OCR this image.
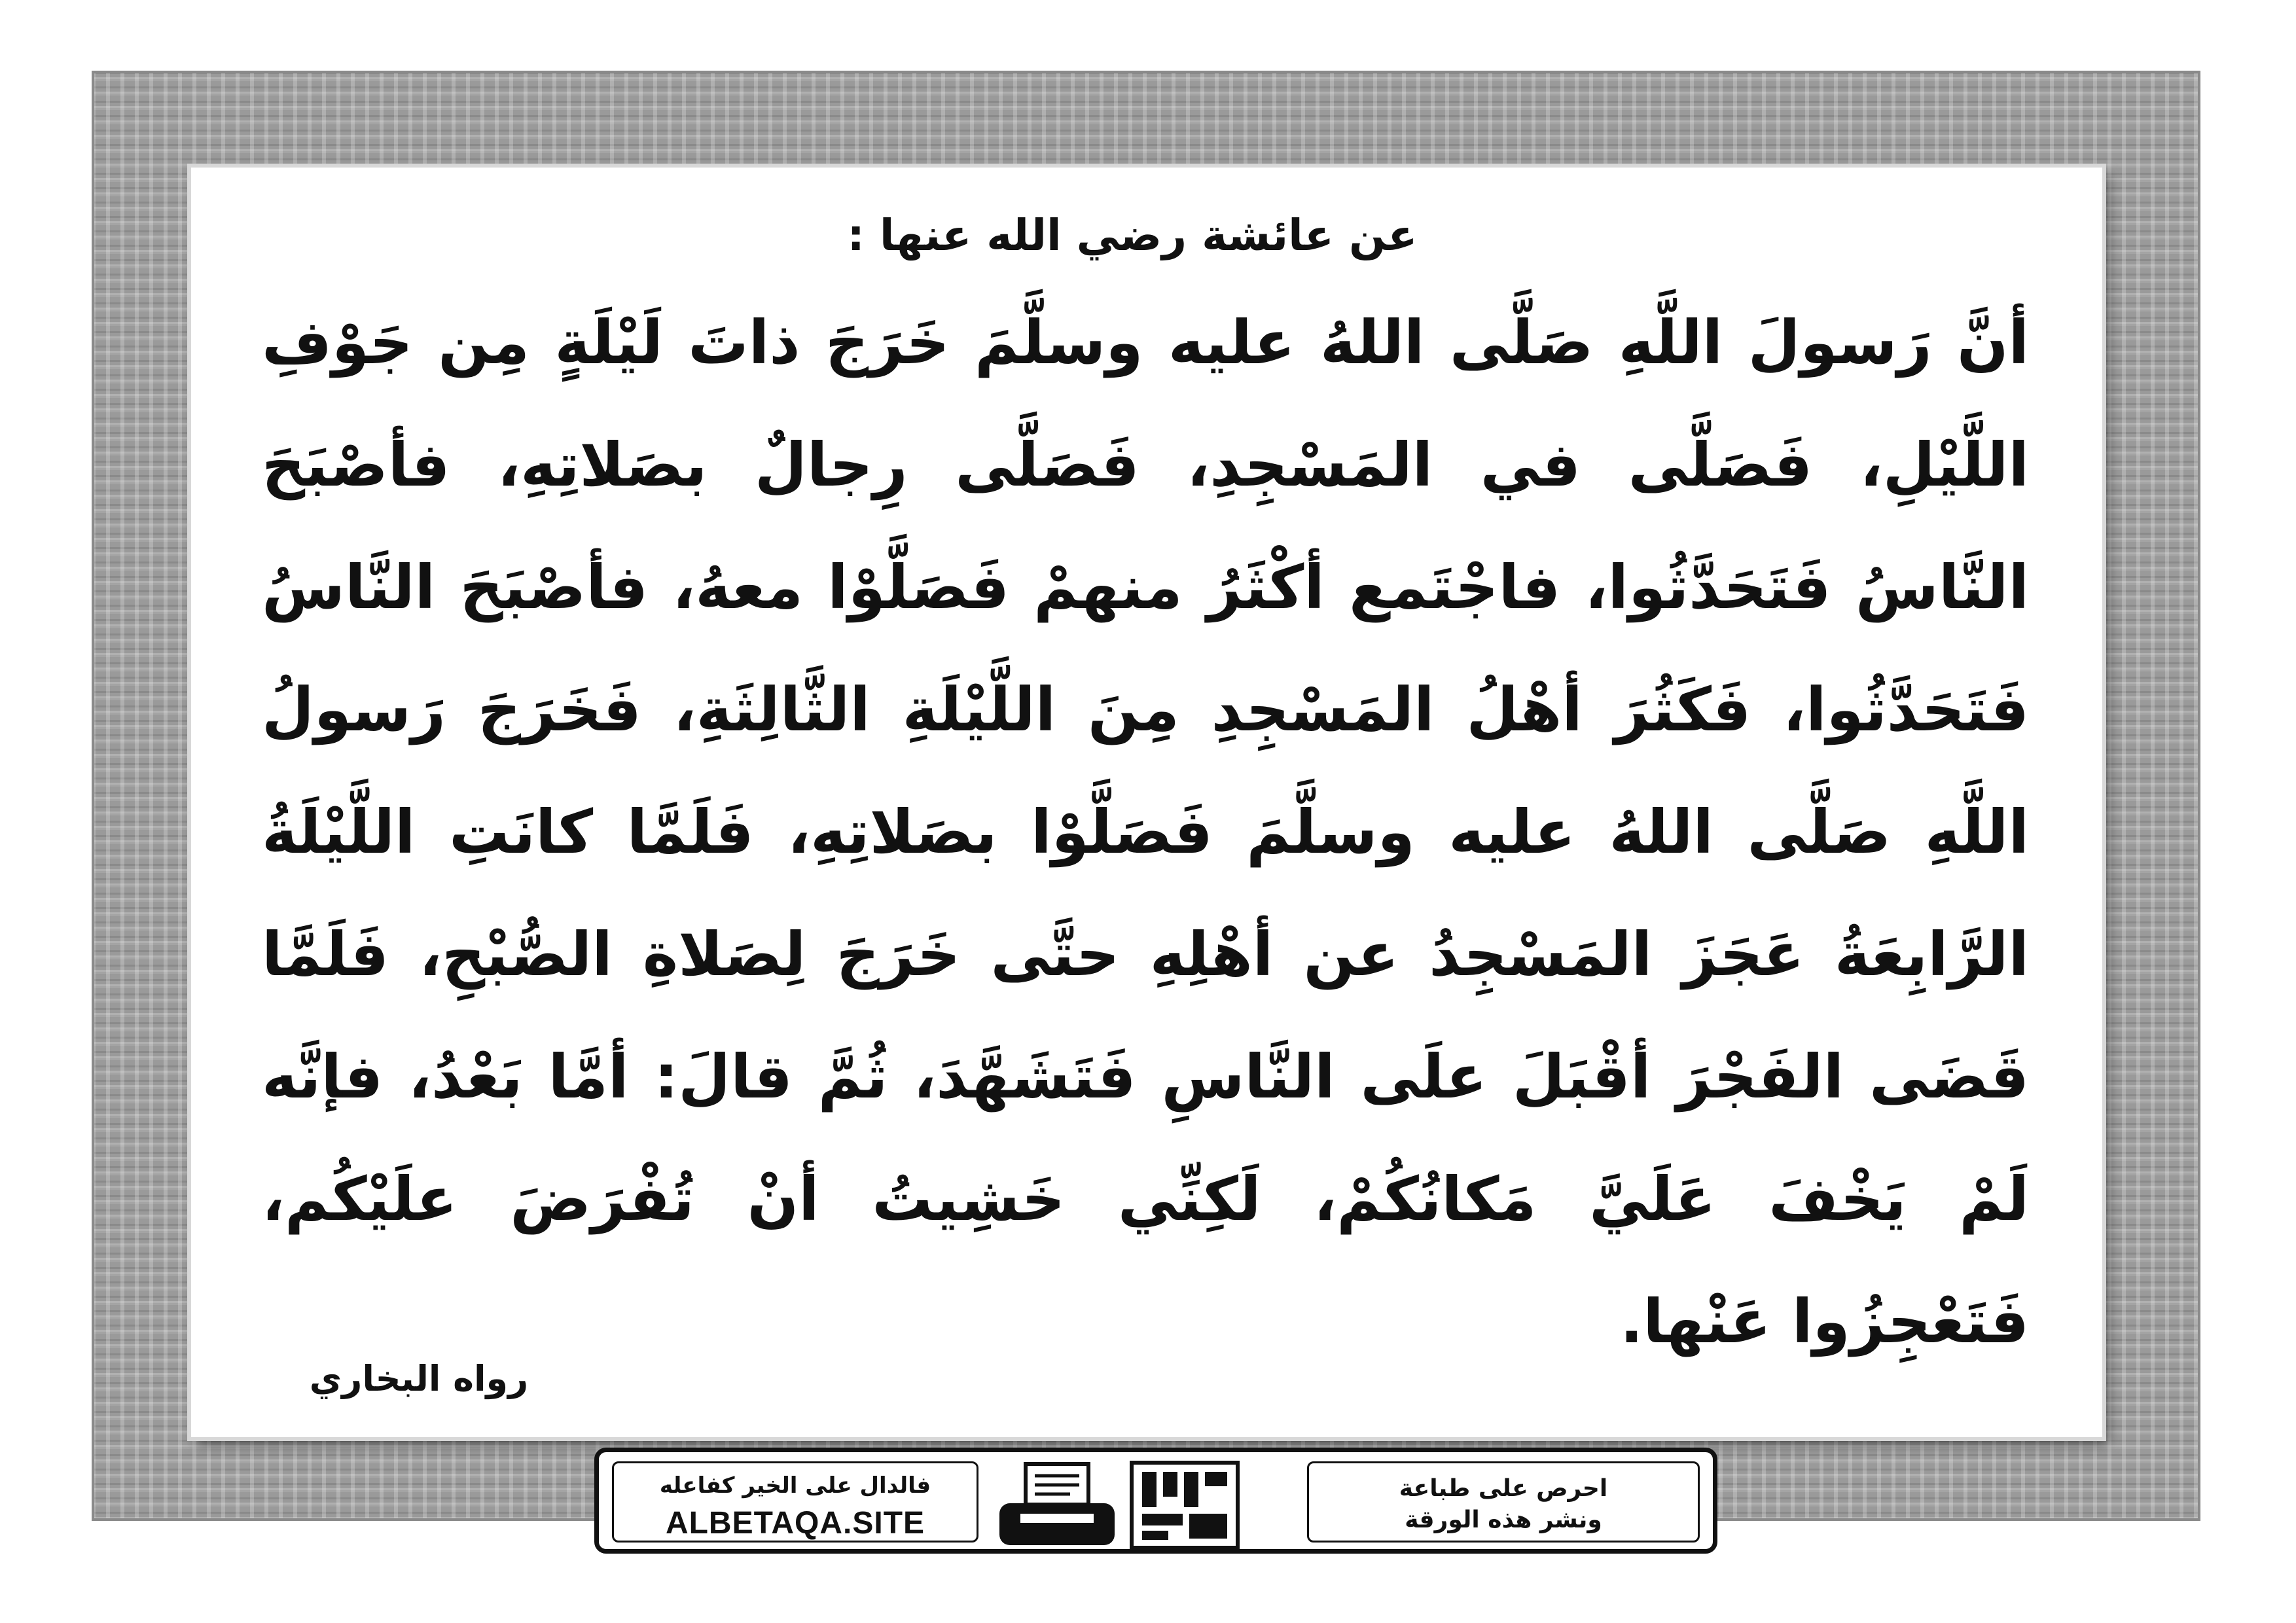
عن عائشة رضي الله عنها :
أنَّ رَسولَ اللَّهِ صَلَّى اللهُ عليه وسلَّمَ خَرَجَ ذاتَ لَيْلَةٍ مِن جَوْفِ اللَّيْلِ، فَصَلَّى في المَسْجِدِ، فَصَلَّى رِجالٌ بصَلاتِهِ، فأصْبَحَ النَّاسُ فَتَحَدَّثُوا، فاجْتَمع أكْثَرُ منهمْ فَصَلَّوْا معهُ، فأصْبَحَ النَّاسُ فَتَحَدَّثُوا، فَكَثُرَ أهْلُ المَسْجِدِ مِنَ اللَّيْلَةِ الثَّالِثَةِ، فَخَرَجَ رَسولُ اللَّهِ صَلَّى اللهُ عليه وسلَّمَ فَصَلَّوْا بصَلاتِهِ، فَلَمَّا كانَتِ اللَّيْلَةُ الرَّابِعَةُ عَجَزَ المَسْجِدُ عن أهْلِهِ حتَّى خَرَجَ لِصَلاةِ الصُّبْحِ، فَلَمَّا قَضَى الفَجْرَ أقْبَلَ علَى النَّاسِ فَتَشَهَّدَ، ثُمَّ قالَ: أمَّا بَعْدُ، فإنَّه لَمْ يَخْفَ عَلَيَّ مَكانُكُمْ، لَكِنِّي خَشِيتُ أنْ تُفْرَضَ علَيْكُم، فَتَعْجِزُوا عَنْها.
رواه البخاري
فالدال على الخير كفاعله
ALBETAQA.SITE
احرص على طباعة
ونشر هذه الورقة
